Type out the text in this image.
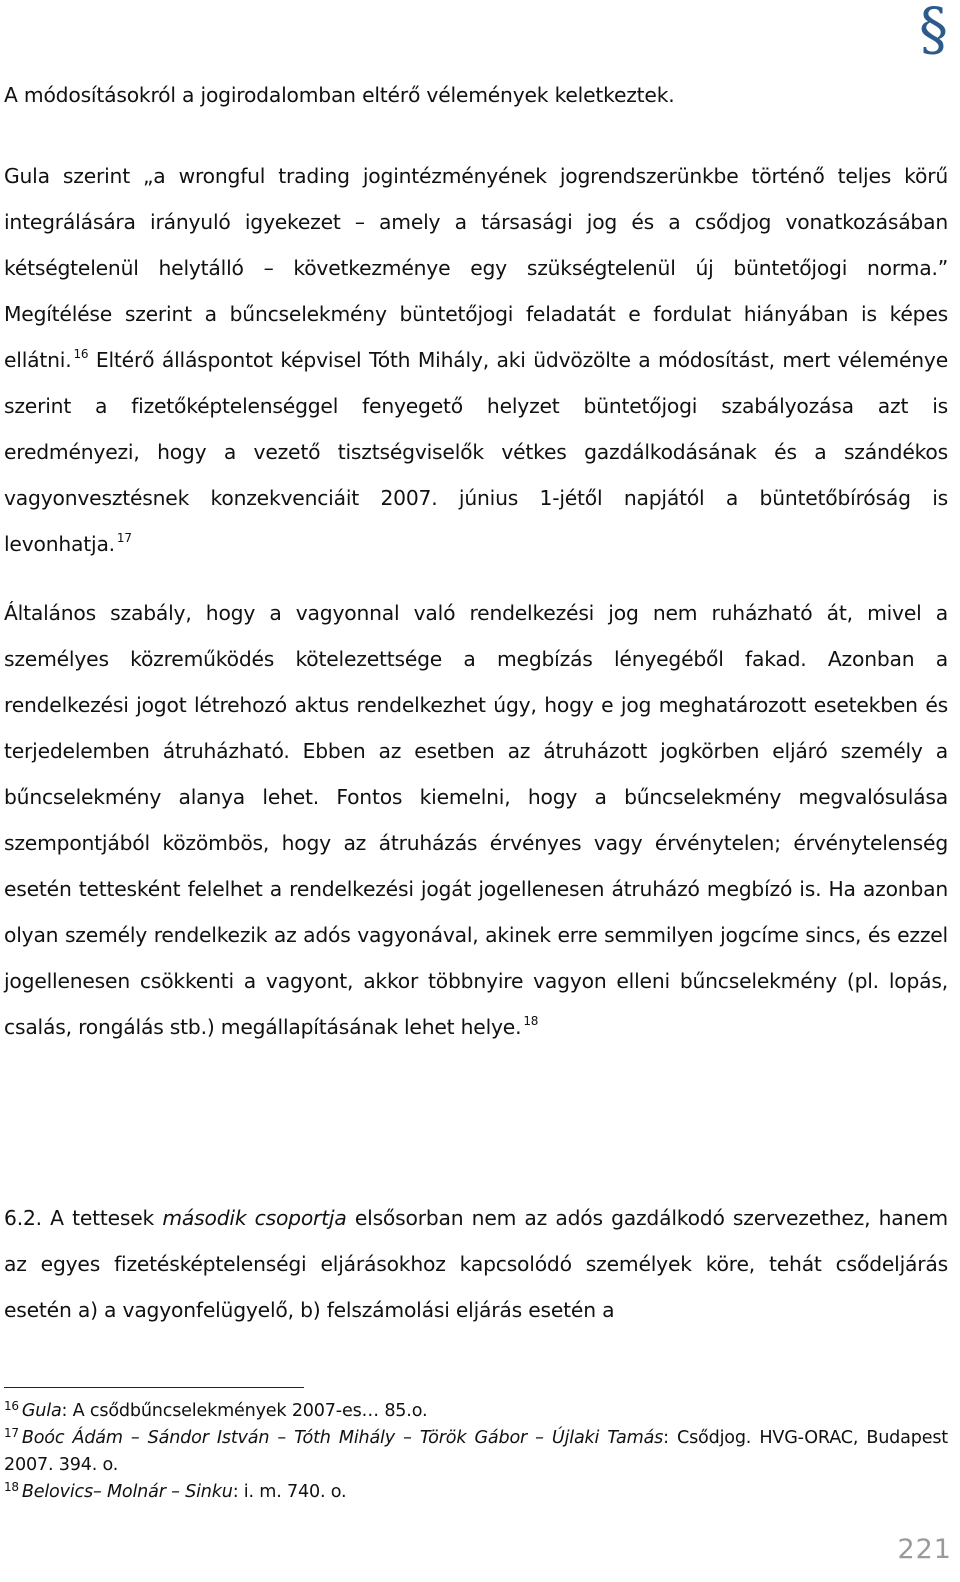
§

A módosításokról a jogirodalomban eltérő vélemények keletkeztek.

Gula szerint „a wrongful trading jogintézményének jogrendszerünkbe történő teljes körű integrálására irányuló igyekezet – amely a társasági jog és a csődjog vonatkozásában kétségtelenül helytálló – következménye egy szükségtelenül új büntetőjogi norma.” Megítélése szerint a bűncselekmény büntetőjogi feladatát e fordulat hiányában is képes ellátni. $^{16}$ Eltérő álláspontot képvisel Tóth Mihály, aki üdvözölte a módosítást, mert véleménye szerint a fizetőképtelenséggel fenyegető helyzet büntetőjogi szabályozása azt is eredményezi, hogy a vezető tisztségviselők vétkes gazdálkodásának és a szándékos vagyonvesztésnek konzekvenciáit 2007. június 1-jétől napjától a büntetőbíróság is levonhatja. $^{17}$

Általános szabály, hogy a vagyonnal való rendelkezési jog nem ruházható át, mivel a személyes közreműködés kötelezettsége a megbízás lényegéből fakad. Azonban a rendelkezési jogot létrehozó aktus rendelkezhet úgy, hogy e jog meghatározott esetekben és terjedelemben átruházható. Ebben az esetben az átruházott jogkörben eljáró személy a bűncselekmény alanya lehet. Fontos kiemelni, hogy a bűncselekmény megvalósulása szempontjából közömbös, hogy az átruházás érvényes vagy érvénytelen; érvénytelenség esetén tettesként felelhet a rendelkezési jogát jogellenesen átruházó megbízó is. Ha azonban olyan személy rendelkezik az adós vagyonával, akinek erre semmilyen jogcíme sincs, és ezzel jogellenesen csökkenti a vagyont, akkor többnyire vagyon elleni bűncselekmény (pl. lopás, csalás, rongálás stb.) megállapításának lehet helye. $^{18}$

6.2. A tettesek második csoportja elsősorban nem az adós gazdálkodó szervezethez, hanem az egyes fizetésképtelenségi eljárásokhoz kapcsolódó személyek köre, tehát csődeljárás esetén a) a vagyonfelügyelő, b) felszámolási eljárás esetén a

$^{16}$ Gula: A csődbűncselekmények 2007-es… 85.o.

$^{17}$ Boóc Ádám – Sándor István – Tóth Mihály – Török Gábor – Újlaki Tamás: Csődjog. HVG-ORAC, Budapest 2007. 394. o.

$^{18}$ Belovics– Molnár – Sinku: i. m. 740. o.

221
